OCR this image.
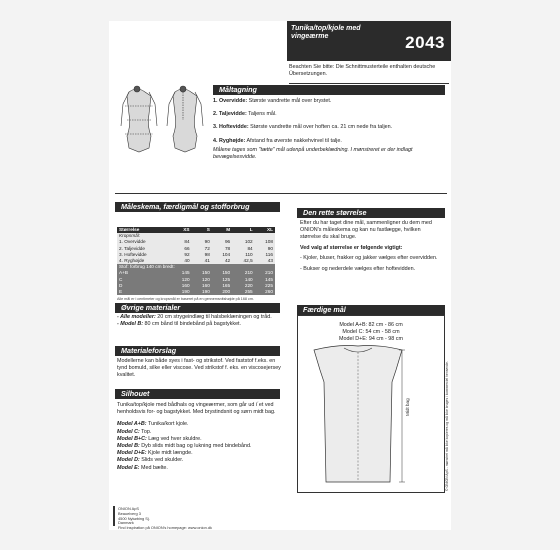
Tunika/top/kjole med vingeærme	2043
Beachten Sie bitte: Die Schnittmusterteile enthalten deutsche Übersetzungen.
Måltagning
1. Overvidde: Største vandrette mål over brystet.
2. Taljevidde: Taljens mål.
3. Hoftevidde: Største vandrette mål over hoften ca. 21 cm nede fra taljen.
4. Ryghøjde: Afstand fra øverste nakkehvirvel til talje.
Målene tages som "tætte" mål udenpå underbeklædning. I mønstreret er der indlagt bevægelsesvidde.
Måleskema, færdigmål og stofforbrug
Størrelse	XS	S	M	L	XL
Kropsmål:					
1. Overvidde	84	90	96	102	108
2. Taljevidde	66	72	78	84	90
3. Hoftevidde	92	98	104	110	116
4. Ryghøjde	40	41	42	42,5	43
Stof: forbrug 140 cm bredt:					
A+B	145	150	150	210	210
C	120	120	125	140	145
D	160	160	165	220	225
E	190	190	200	255	260
Alle mål er i centimeter og kropsmål er baseret på en gennemsnitshøjde på 168 cm.
Øvrige materialer
- Alle modeller: 20 cm strygeindlæg til halsbeklæningen og tråd.
- Model B: 80 cm bånd til bindebånd på bagstykket.
Materialeforslag
Modellerne kan både syes i fast- og strikstof. Ved faststof f.eks. en tynd bomuld, silke eller viscose. Ved strikstof f. eks. en viscosejersey kvalitet.
Silhouet
Tunika/top/kjole med bådhals og vingeærmer, som går ud i´et ved henholdsvis for- og bagstykket. Med brystindsnit og sørn midt bag.
Model A+B: Tunika/kort kjole.
Model C: Top.
Model B+C: Læg ved hver skuldre.
Model B: Dyb slids midt bag og lukning med bindebånd.
Model D+E: Kjole midt længde.
Model D: Slids ved skulder.
Model E: Med bælte.
ONION ApS
Beauelverg 3
4500 Nykøbing Sj.
Danmark
Find inspiration på ONION's homepage: www.onion.dk
Den rette størrelse
Efter du har taget dine mål, sammenligner du dem med ONION's måleskema og kan nu fastlægge, hvilken størrelse du skal bruge.
Ved valg af størrelse er følgende vigtigt:
- Kjoler, bluser, frakker og jakker vælges efter overvidden.
- Bukser og nederdele vælges efter hoftevidden.
Færdige mål
Model A+B: 82 cm - 86 cm
Model C: 54 cm - 58 cm
Model D+E: 94 cm - 98 cm
Midt bag	© ONION ApS - mønstret må ikke kopieres og må ikke bruges i kommerciel hensende.
